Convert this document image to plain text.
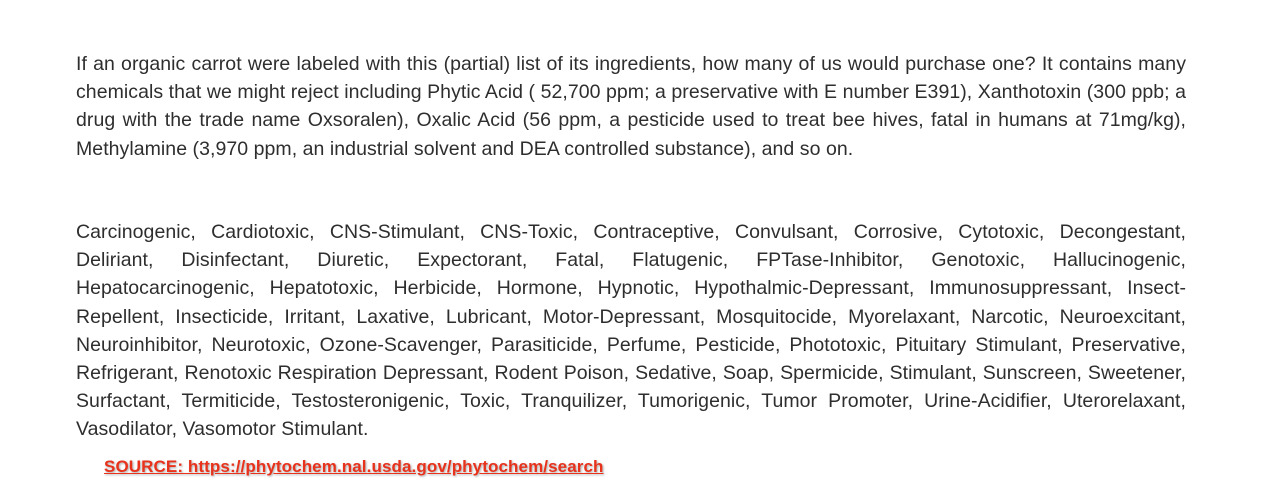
If an organic carrot were labeled with this (partial) list of its ingredients, how many of us would purchase one? It contains many chemicals that we might reject including Phytic Acid ( 52,700 ppm; a preservative with E number E391), Xanthotoxin (300 ppb; a drug with the trade name Oxsoralen), Oxalic Acid (56 ppm, a pesticide used to treat bee hives, fatal in humans at 71mg/kg), Methylamine (3,970 ppm, an industrial solvent and DEA controlled substance), and so on.

Carcinogenic, Cardiotoxic, CNS-Stimulant, CNS-Toxic, Contraceptive, Convulsant, Corrosive, Cytotoxic, Decongestant, Deliriant, Disinfectant, Diuretic, Expectorant, Fatal, Flatugenic, FPTase-Inhibitor, Genotoxic, Hallucinogenic, Hepatocarcinogenic, Hepatotoxic, Herbicide, Hormone, Hypnotic, Hypothalmic-Depressant, Immunosuppressant, Insect-Repellent, Insecticide, Irritant, Laxative, Lubricant, Motor-Depressant, Mosquitocide, Myorelaxant, Narcotic, Neuroexcitant, Neuroinhibitor, Neurotoxic, Ozone-Scavenger, Parasiticide, Perfume, Pesticide, Phototoxic, Pituitary Stimulant, Preservative, Refrigerant, Renotoxic Respiration Depressant, Rodent Poison, Sedative, Soap, Spermicide, Stimulant, Sunscreen, Sweetener, Surfactant, Termiticide, Testosteronigenic, Toxic, Tranquilizer, Tumorigenic, Tumor Promoter, Urine-Acidifier, Uterorelaxant, Vasodilator, Vasomotor Stimulant.

SOURCE: https://phytochem.nal.usda.gov/phytochem/search
